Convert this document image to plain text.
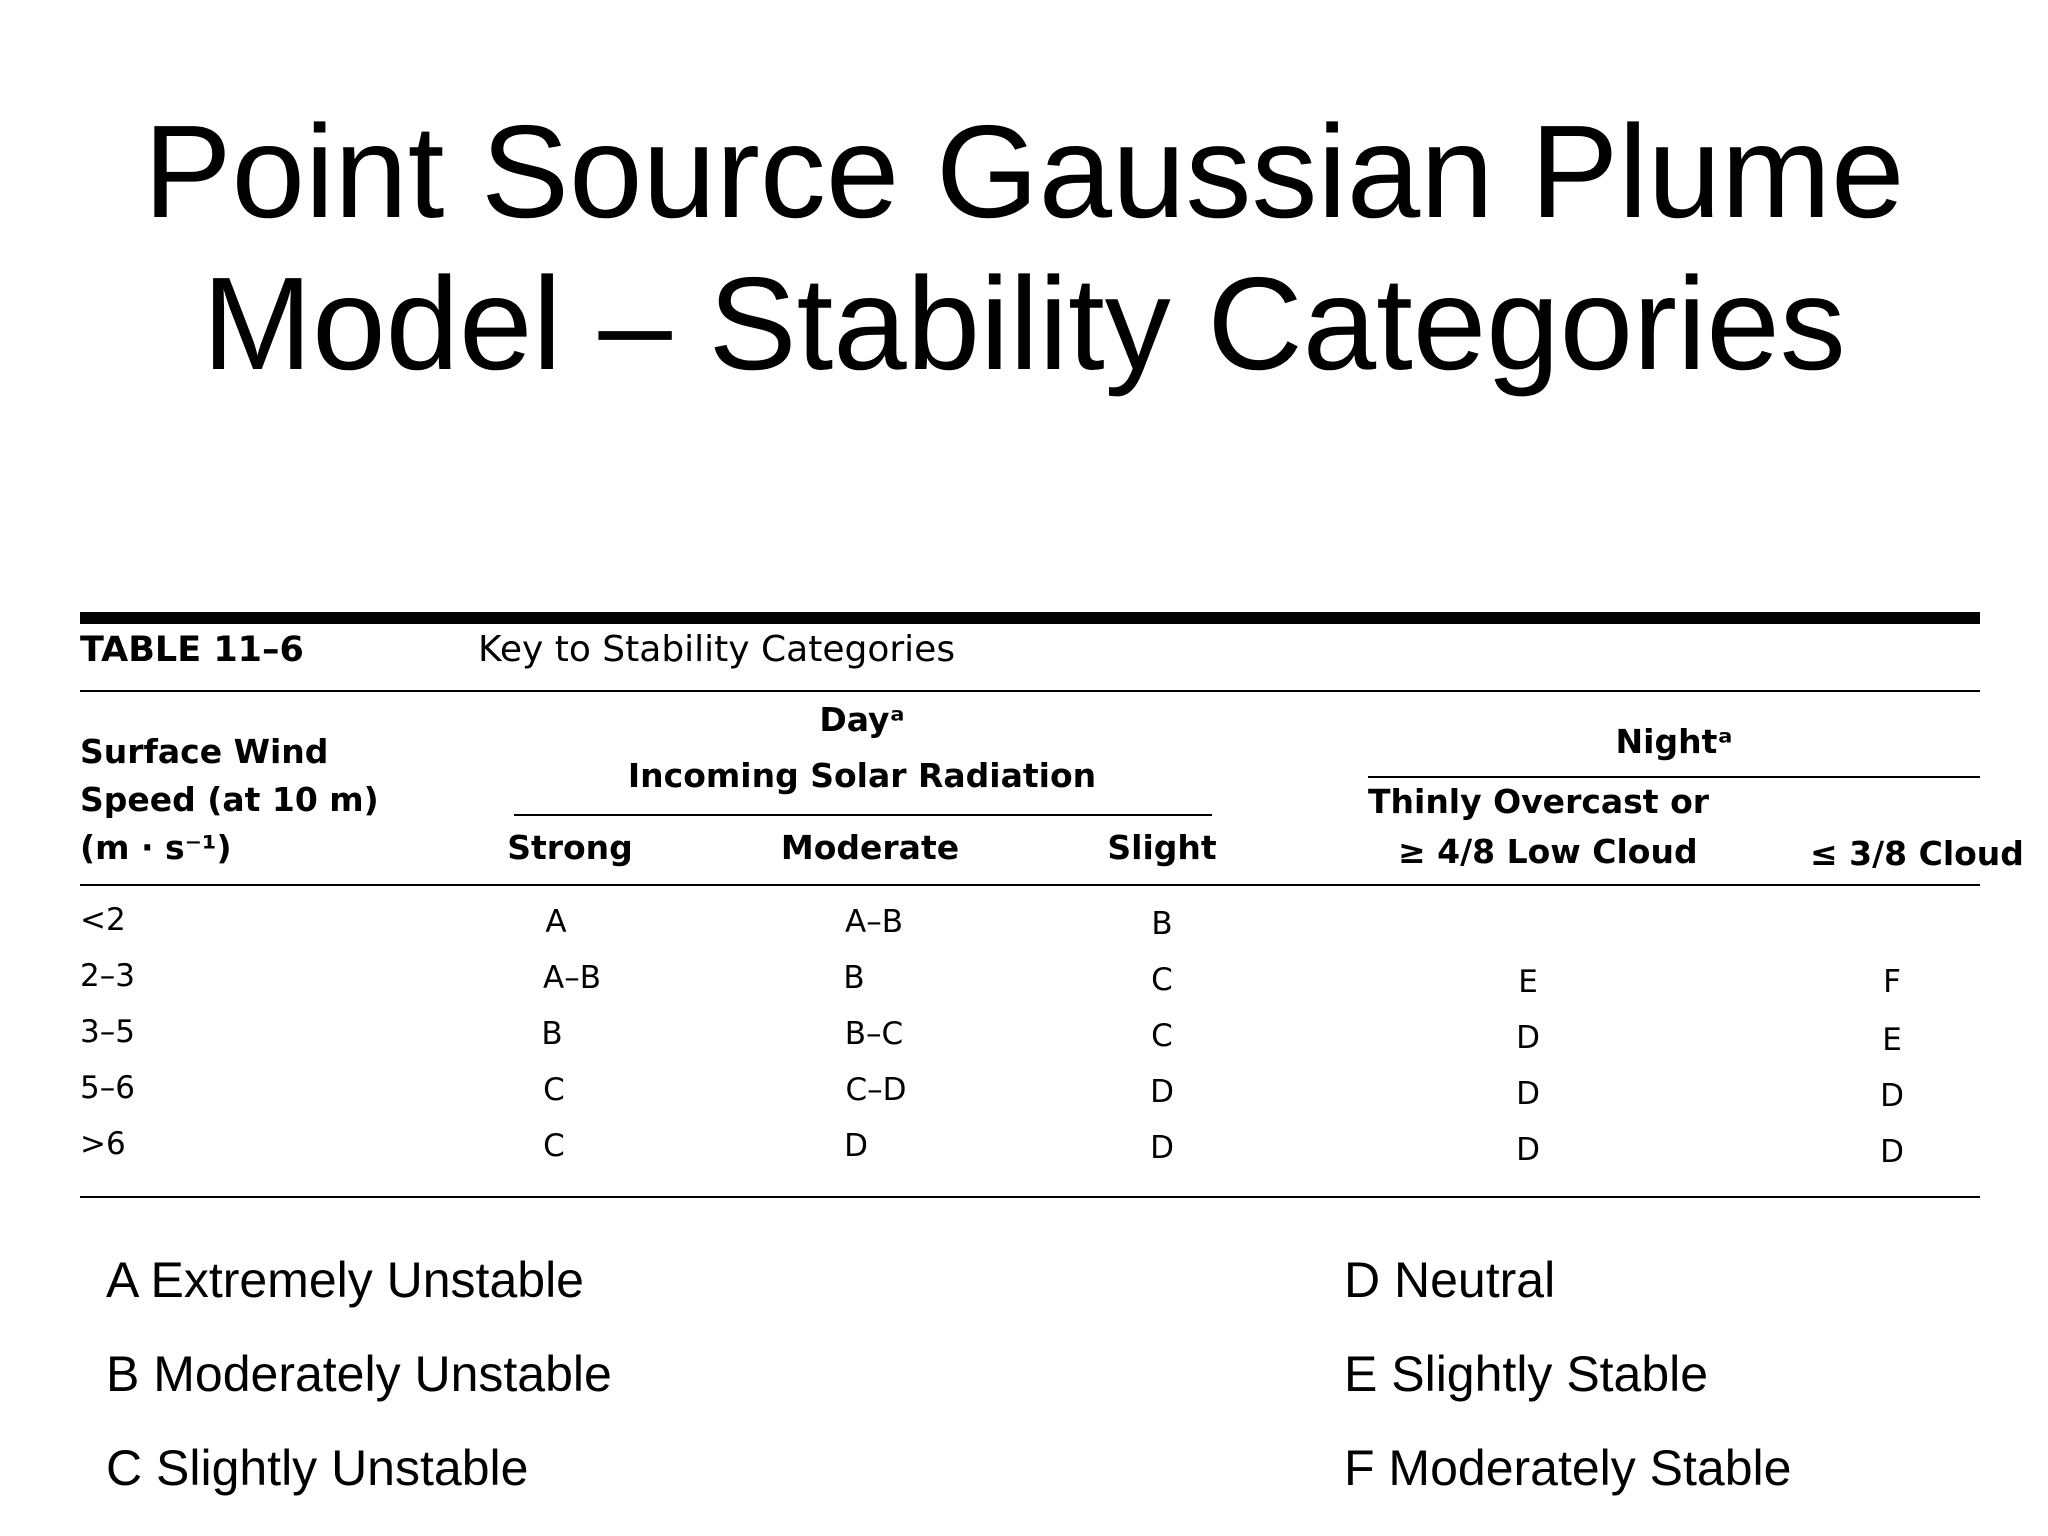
Point Source Gaussian Plume
Model – Stability Categories
TABLE 11–6	Key to Stability Categories
Surface Wind
Speed (at 10 m)
(m · s⁻¹)
Dayᵃ
Incoming Solar Radiation
Strong	Moderate	Slight
Nightᵃ
Thinly Overcast or
≥ 4/8 Low Cloud	≤ 3/8 Cloud
<2	A	A–B	B
2–3	A–B	B	C	E	F
3–5	B	B–C	C	D	E
5–6	C	C–D	D	D	D
>6	C	D	D	D	D
A Extremely Unstable
B Moderately Unstable
C Slightly Unstable
D Neutral
E Slightly Stable
F Moderately Stable
